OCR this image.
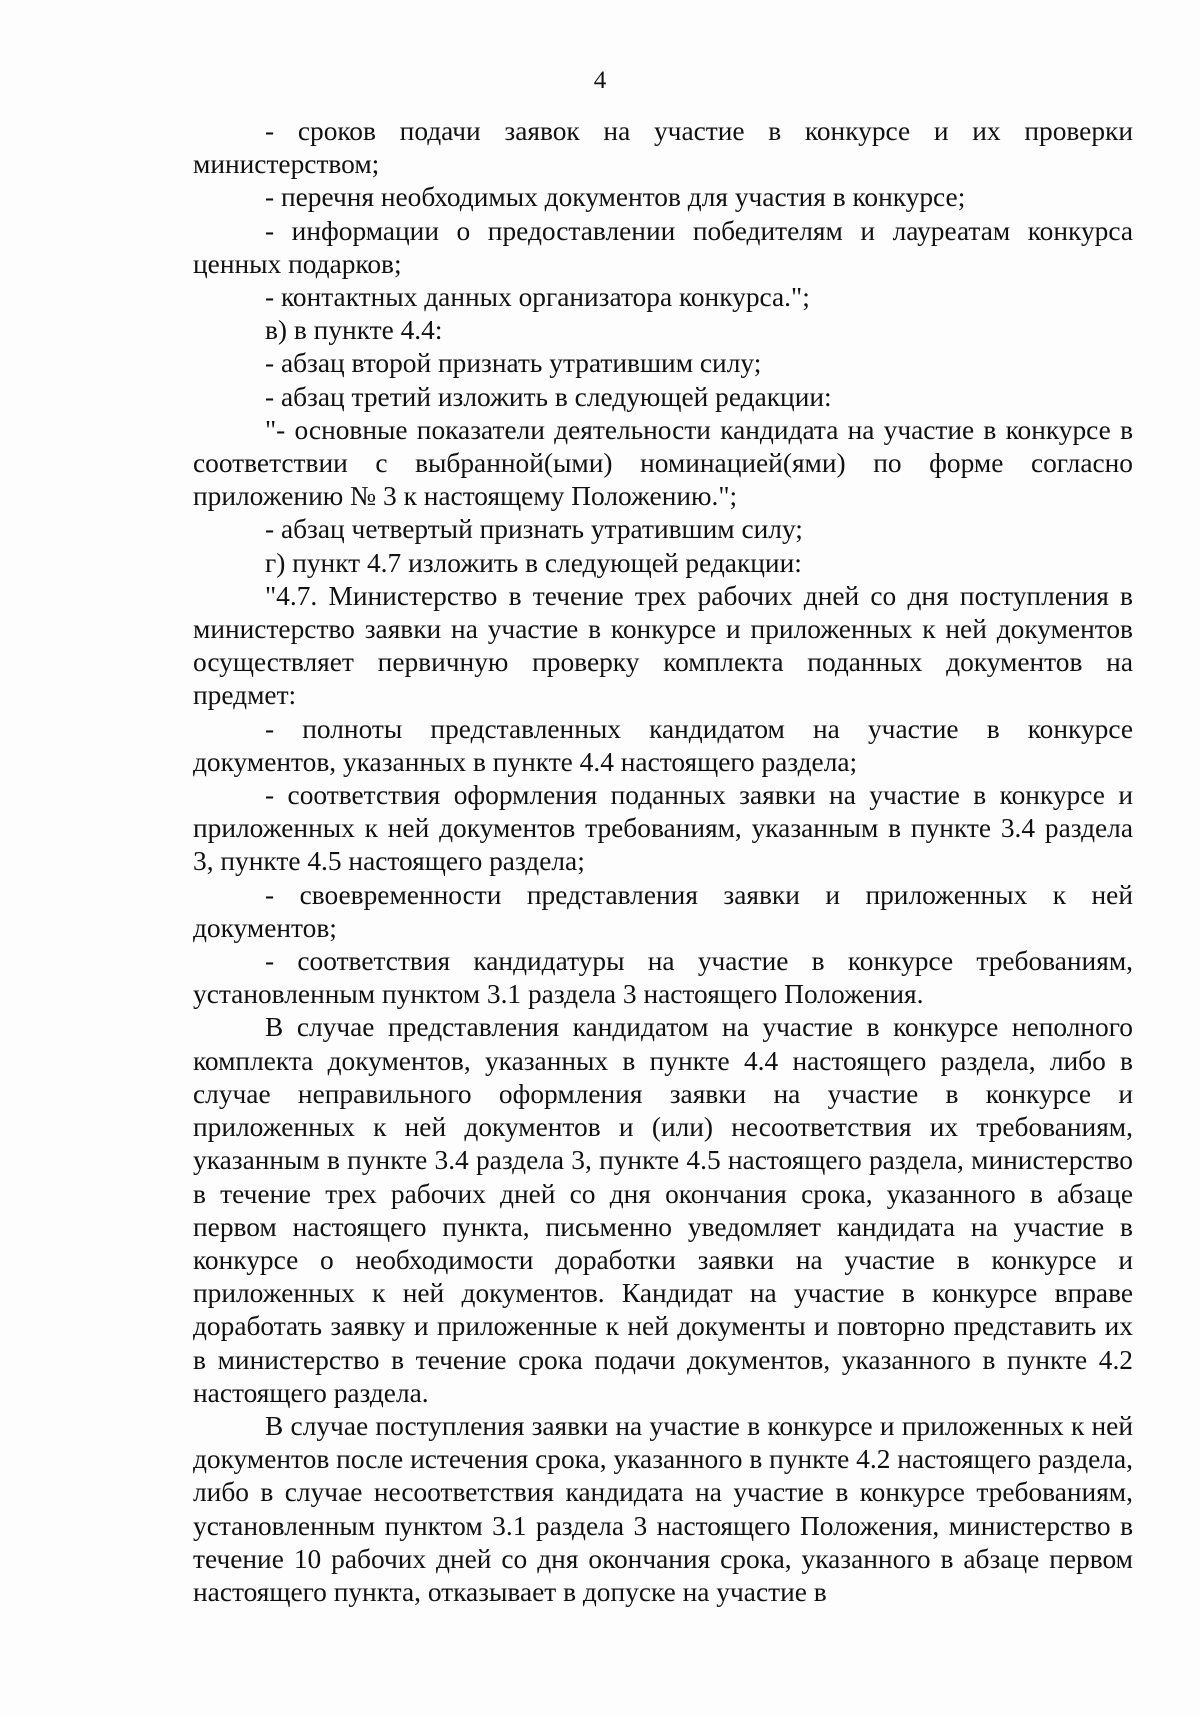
4

- сроков подачи заявок на участие в конкурсе и их проверки министерством;

- перечня необходимых документов для участия в конкурсе;

- информации о предоставлении победителям и лауреатам конкурса ценных подарков;

- контактных данных организатора конкурса.";

в) в пункте 4.4:

- абзац второй признать утратившим силу;

- абзац третий изложить в следующей редакции:

"- основные показатели деятельности кандидата на участие в конкурсе в соответствии с выбранной(ыми) номинацией(ями) по форме согласно приложению № 3 к настоящему Положению.";

- абзац четвертый признать утратившим силу;

г) пункт 4.7 изложить в следующей редакции:

"4.7. Министерство в течение трех рабочих дней со дня поступления в министерство заявки на участие в конкурсе и приложенных к ней документов осуществляет первичную проверку комплекта поданных документов на предмет:

- полноты представленных кандидатом на участие в конкурсе документов, указанных в пункте 4.4 настоящего раздела;

- соответствия оформления поданных заявки на участие в конкурсе и приложенных к ней документов требованиям, указанным в пункте 3.4 раздела 3, пункте 4.5 настоящего раздела;

- своевременности представления заявки и приложенных к ней документов;

- соответствия кандидатуры на участие в конкурсе требованиям, установленным пунктом 3.1 раздела 3 настоящего Положения.

В случае представления кандидатом на участие в конкурсе неполного комплекта документов, указанных в пункте 4.4 настоящего раздела, либо в случае неправильного оформления заявки на участие в конкурсе и приложенных к ней документов и (или) несоответствия их требованиям, указанным в пункте 3.4 раздела 3, пункте 4.5 настоящего раздела, министерство в течение трех рабочих дней со дня окончания срока, указанного в абзаце первом настоящего пункта, письменно уведомляет кандидата на участие в конкурсе о необходимости доработки заявки на участие в конкурсе и приложенных к ней документов. Кандидат на участие в конкурсе вправе доработать заявку и приложенные к ней документы и повторно представить их в министерство в течение срока подачи документов, указанного в пункте 4.2 настоящего раздела.

В случае поступления заявки на участие в конкурсе и приложенных к ней документов после истечения срока, указанного в пункте 4.2 настоящего раздела, либо в случае несоответствия кандидата на участие в конкурсе требованиям, установленным пунктом 3.1 раздела 3 настоящего Положения, министерство в течение 10 рабочих дней со дня окончания срока, указанного в абзаце первом настоящего пункта, отказывает в допуске на участие в
